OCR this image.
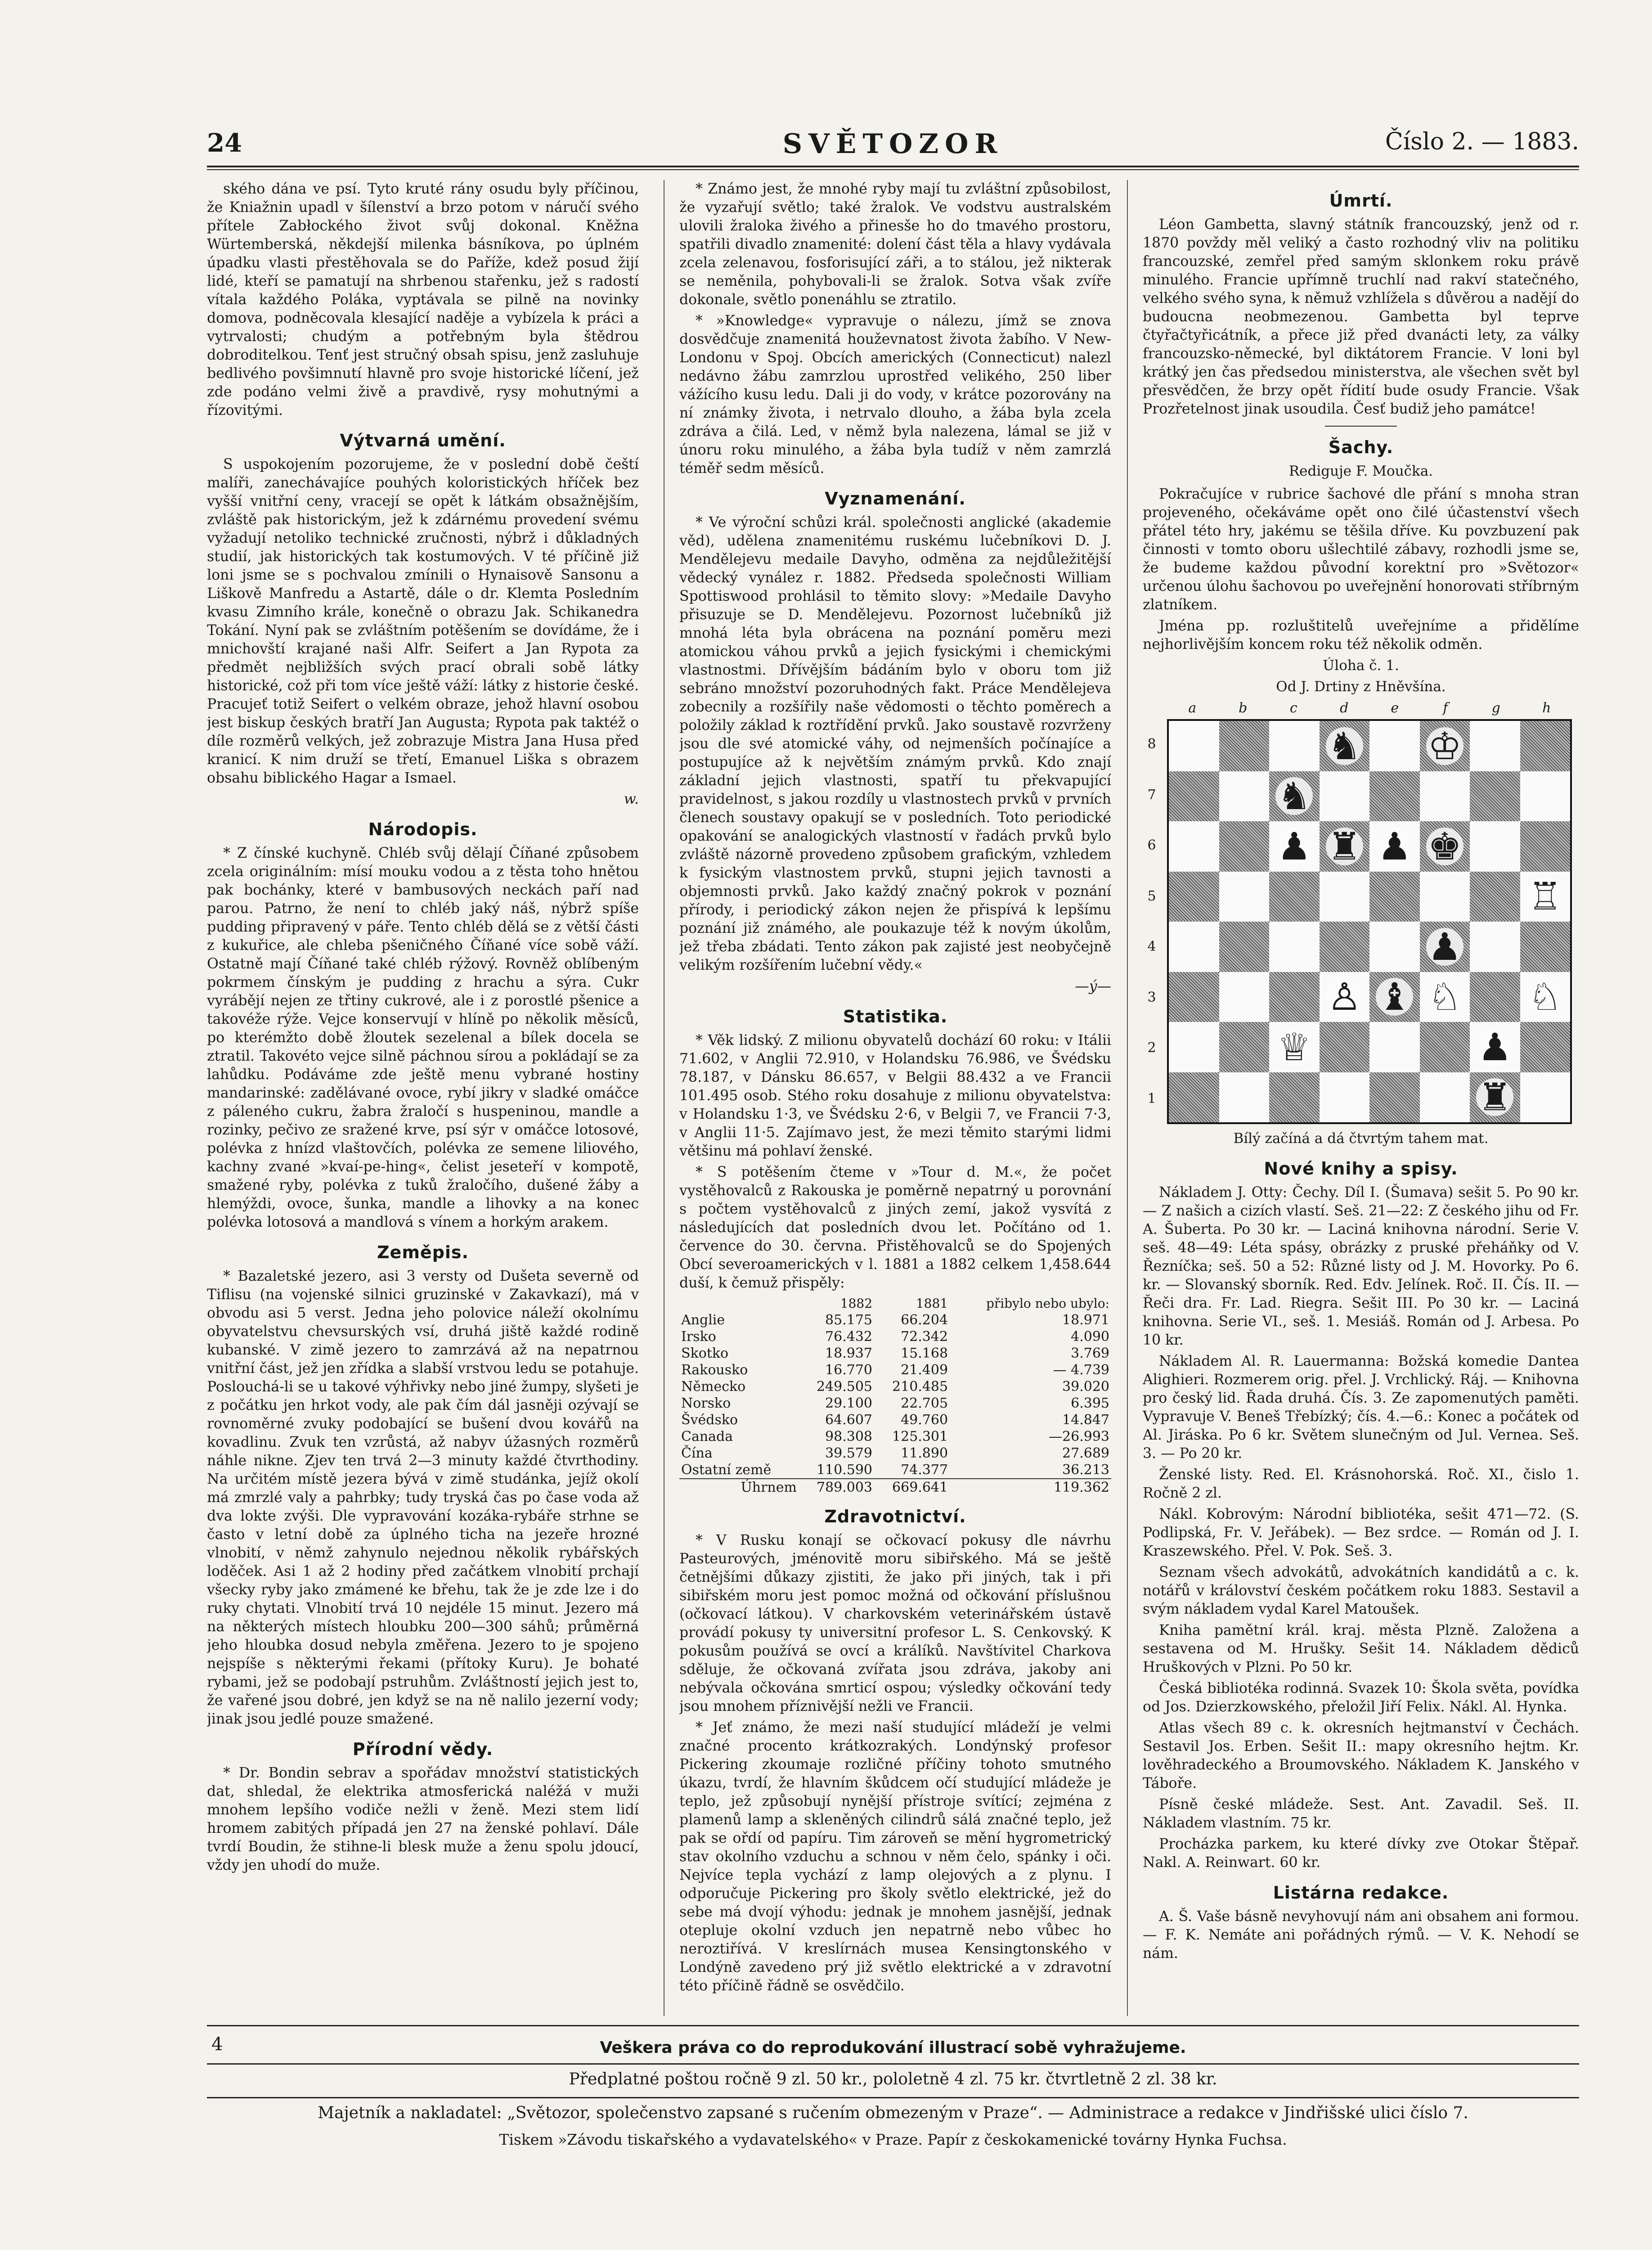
SVĚTOZOR
24	Číslo 2. — 1883.

ského dána ve psí. Tyto kruté rány osudu byly příčinou, že Kniažnin upadl v šílenství a brzo potom v náručí svého přítele Zabłockého život svůj dokonal. Kněžna Würtemberská, někdejší milenka básníkova, po úplném úpadku vlasti přestěhovala se do Paříže, kdež posud žijí lidé, kteří se pamatují na shrbenou stařenku, jež s radostí vítala každého Poláka, vyptávala se pilně na novinky domova, podněcovala klesající naděje a vybízela k práci a vytrvalosti; chudým a potřebným byla štědrou dobroditelkou. Tenť jest stručný obsah spisu, jenž zasluhuje bedlivého povšimnutí hlavně pro svoje historické líčení, jež zde podáno velmi živě a pravdivě, rysy mohutnými a řízovitými.

Výtvarná umění.

S uspokojením pozorujeme, že v poslední době čeští malíři, zanechávajíce pouhých koloristických hříček bez vyšší vnitřní ceny, vracejí se opět k látkám obsažnějším, zvláště pak historickým, jež k zdárnému provedení svému vyžadují netoliko technické zručnosti, nýbrž i důkladných studií, jak historických tak kostumových. V té příčině již loni jsme se s pochvalou zmínili o Hynaisově Sansonu a Liškově Manfredu a Astartě, dále o dr. Klemta Posledním kvasu Zimního krále, konečně o obrazu Jak. Schikanedra Tokání. Nyní pak se zvláštním potěšením se dovídáme, že i mnichovští krajané naši Alfr. Seifert a Jan Rypota za předmět nejbližších svých prací obrali sobě látky historické, což při tom více ještě váží: látky z historie české. Pracujeť totiž Seifert o velkém obraze, jehož hlavní osobou jest biskup českých bratří Jan Augusta; Rypota pak taktéž o díle rozměrů velkých, jež zobrazuje Mistra Jana Husa před kranicí. K nim druží se třetí, Emanuel Liška s obrazem obsahu biblického Hagar a Ismael.

w.
Národopis.

* Z čínské kuchyně. Chléb svůj dělají Číňané způsobem zcela originálním: mísí mouku vodou a z těsta toho hnětou pak bochánky, které v bambusových neckách paří nad parou. Patrno, že není to chléb jaký náš, nýbrž spíše pudding připravený v páře. Tento chléb dělá se z větší části z kukuřice, ale chleba pšeničného Číňané více sobě váží. Ostatně mají Číňané také chléb rýžový. Rovněž oblíbeným pokrmem čínským je pudding z hrachu a sýra. Cukr vyrábějí nejen ze třtiny cukrové, ale i z porostlé pšenice a takovéže rýže. Vejce konservují v hlíně po několik měsíců, po kterémžto době žloutek sezelenal a bílek docela se ztratil. Takovéto vejce silně páchnou sírou a pokládají se za lahůdku. Podáváme zde ještě menu vybrané hostiny mandarinské: zadělávané ovoce, rybí jikry v sladké omáčce z páleného cukru, žabra žraločí s huspeninou, mandle a rozinky, pečivo ze sražené krve, psí sýr v omáčce lotosové, polévka z hnízd vlaštovčích, polévka ze semene liliového, kachny zvané »kvaí-pe-hing«, čelist jeseteří v kompotě, smažené ryby, polévka z tuků žraločího, dušené žáby a hlemýždi, ovoce, šunka, mandle a lihovky a na konec polévka lotosová a mandlová s vínem a horkým arakem.

Zeměpis.

* Bazaletské jezero, asi 3 versty od Dušeta severně od Tiflisu (na vojenské silnici gruzinské v Zakavkazí), má v obvodu asi 5 verst. Jedna jeho polovice náleží okolnímu obyvatelstvu chevsurských vsí, druhá jiště každé rodině kubanské. V zimě jezero to zamrzává až na nepatrnou vnitřní část, jež jen zřídka a slabší vrstvou ledu se potahuje. Poslouchá-li se u takové výhřivky nebo jiné žumpy, slyšeti je z počátku jen hrkot vody, ale pak čím dál jasněji ozývají se rovnoměrné zvuky podobající se bušení dvou kovářů na kovadlinu. Zvuk ten vzrůstá, až nabyv úžasných rozměrů náhle nikne. Zjev ten trvá 2—3 minuty každé čtvrthodiny. Na určitém místě jezera bývá v zimě studánka, jejíž okolí má zmrzlé valy a pahrbky; tudy tryská čas po čase voda až dva lokte zvýši. Dle vypravování kozáka-rybáře strhne se často v letní době za úplného ticha na jezeře hrozné vlnobití, v němž zahynulo nejednou několik rybářských loděček. Asi 1 až 2 hodiny před začátkem vlnobití prchají všecky ryby jako zmámené ke břehu, tak že je zde lze i do ruky chytati. Vlnobití trvá 10 nejdéle 15 minut. Jezero má na některých místech hloubku 200—300 sáhů; průměrná jeho hloubka dosud nebyla změřena. Jezero to je spojeno nejspíše s některými řekami (přítoky Kuru). Je bohaté rybami, jež se podobají pstruhům. Zvláštností jejich jest to, že vařené jsou dobré, jen když se na ně nalilo jezerní vody; jinak jsou jedlé pouze smažené.

Přírodní vědy.

* Dr. Bondin sebrav a spořádav množství statistických dat, shledal, že elektrika atmosferická naléžá v muži mnohem lepšího vodiče nežli v ženě. Mezi stem lidí hromem zabitých případá jen 27 na ženské pohlaví. Dále tvrdí Boudin, že stihne-li blesk muže a ženu spolu jdoucí, vždy jen uhodí do muže.

* Známo jest, že mnohé ryby mají tu zvláštní způsobilost, že vyzařují světlo; také žralok. Ve vodstvu australském ulovili žraloka živého a přinesše ho do tmavého prostoru, spatřili divadlo znamenité: dolení část těla a hlavy vydávala zcela zelenavou, fosforisující záři, a to stálou, jež nikterak se neměnila, pohybovali-li se žralok. Sotva však zvíře dokonale, světlo ponenáhlu se ztratilo.

* »Knowledge« vypravuje o nálezu, jímž se znova dosvědčuje znamenitá houževnatost života žabího. V New-Londonu v Spoj. Obcích amerických (Connecticut) nalezl nedávno žábu zamrzlou uprostřed velikého, 250 liber vážícího kusu ledu. Dali ji do vody, v krátce pozorovány na ní známky života, i netrvalo dlouho, a žába byla zcela zdráva a čilá. Led, v němž byla nalezena, lámal se již v únoru roku minulého, a žába byla tudíž v něm zamrzlá téměř sedm měsíců.

Vyznamenání.

* Ve výroční schůzi král. společnosti anglické (akademie věd), udělena znamenitému ruskému lučebníkovi D. J. Mendělejevu medaile Davyho, odměna za nejdůležitější vědecký vynález r. 1882. Předseda společnosti William Spottiswood prohlásil to těmito slovy: »Medaile Davyho přisuzuje se D. Mendělejevu. Pozornost lučebníků již mnohá léta byla obrácena na poznání poměru mezi atomickou váhou prvků a jejich fysickými i chemickými vlastnostmi. Dřívějším bádáním bylo v oboru tom již sebráno množství pozoruhodných fakt. Práce Mendělejeva zobecnily a rozšířily naše vědomosti o těchto poměrech a položily základ k roztřídění prvků. Jako soustavě rozvrženy jsou dle své atomické váhy, od nejmenších počínajíce a postupujíce až k největším známým prvků. Kdo znají základní jejich vlastnosti, spatří tu překvapující pravidelnost, s jakou rozdíly u vlastnostech prvků v prvních členech soustavy opakují se v posledních. Toto periodické opakování se analogických vlastností v řadách prvků bylo zvláště názorně provedeno způsobem grafickým, vzhledem k fysickým vlastnostem prvků, stupni jejich tavnosti a objemnosti prvků. Jako každý značný pokrok v poznání přírody, i periodický zákon nejen že přispívá k lepšímu poznání již známého, ale poukazuje též k novým úkolům, jež třeba zbádati. Tento zákon pak zajisté jest neobyčejně velikým rozšířením lučební vědy.«

—ý—
Statistika.

* Věk lidský. Z milionu obyvatelů dochází 60 roku: v Itálii 71.602, v Anglii 72.910, v Holandsku 76.986, ve Švédsku 78.187, v Dánsku 86.657, v Belgii 88.432 a ve Francii 101.495 osob. Stého roku dosahuje z milionu obyvatelstva: v Holandsku 1·3, ve Švédsku 2·6, v Belgii 7, ve Francii 7·3, v Anglii 11·5. Zajímavo jest, že mezi těmito starými lidmi většinu má pohlaví ženské.

* S potěšením čteme v »Tour d. M.«, že počet vystěhovalců z Rakouska je poměrně nepatrný u porovnání s počtem vystěhovalců z jiných zemí, jakož vysvítá z následujících dat posledních dvou let. Počítáno od 1. července do 30. června. Přistěhovalců se do Spojených Obcí severoamerických v l. 1881 a 1882 celkem 1,458.644 duší, k čemuž přispěly:

	1882	1881	přibylo nebo ubylo:
Anglie	85.175	66.204	18.971
Irsko	76.432	72.342	4.090
Skotko	18.937	15.168	3.769
Rakousko	16.770	21.409	— 4.739
Německo	249.505	210.485	39.020
Norsko	29.100	22.705	6.395
Švédsko	64.607	49.760	14.847
Canada	98.308	125.301	—26.993
Čína	39.579	11.890	27.689
Ostatní země	110.590	74.377	36.213
Úhrnem	789.003	669.641	119.362
Zdravotnictví.

* V Rusku konají se očkovací pokusy dle návrhu Pasteurových, jménovitě moru sibiřského. Má se ještě četnějšími důkazy zjistiti, že jako při jiných, tak i při sibiřském moru jest pomoc možná od očkování příslušnou (očkovací látkou). V charkovském veterinářském ústavě provádí pokusy ty universitní profesor L. S. Cenkovský. K pokusům používá se ovcí a králíků. Navštívitel Charkova sděluje, že očkovaná zvířata jsou zdráva, jakoby ani nebývala očkována smrticí ospou; výsledky očkování tedy jsou mnohem příznivější nežli ve Francii.

* Jeť známo, že mezi naší studující mládeží je velmi značné procento krátkozrakých. Londýnský profesor Pickering zkoumaje rozličné příčiny tohoto smutného úkazu, tvrdí, že hlavním škůdcem očí studující mládeže je teplo, jež způsobují nynější přístroje svítící; zejména z plamenů lamp a skleněných cilindrů sálá značné teplo, jež pak se ořdí od papíru. Tim zároveň se mění hygrometrický stav okolního vzduchu a schnou v něm čelo, spánky i oči. Nejvíce tepla vychází z lamp olejových a z plynu. I odporučuje Pickering pro školy světlo elektrické, jež do sebe má dvojí výhodu: jednak je mnohem jasnější, jednak otepluje okolní vzduch jen nepatrně nebo vůbec ho neroztiřívá. V kreslírnách musea Kensingtonského v Londýně zavedeno prý již světlo elektrické a v zdravotní této příčině řádně se osvědčilo.

Úmrtí.

Léon Gambetta, slavný státník francouzský, jenž od r. 1870 povždy měl veliký a často rozhodný vliv na politiku francouzské, zemřel před samým sklonkem roku právě minulého. Francie upřímně truchlí nad rakví statečného, velkého svého syna, k němuž vzhlížela s důvěrou a nadějí do budoucna neobmezenou. Gambetta byl teprve čtyřačtyřicátník, a přece již před dvanácti lety, za války francouzsko-německé, byl diktátorem Francie. V loni byl krátký jen čas předsedou ministerstva, ale všechen svět byl přesvědčen, že brzy opět řídití bude osudy Francie. Však Prozřetelnost jinak usoudila. Česť budiž jeho památce!

Šachy.
Rediguje F. Moučka.

Pokračujíce v rubrice šachové dle přání s mnoha stran projeveného, očekáváme opět ono čilé účastenství všech přátel této hry, jakému se těšila dříve. Ku povzbuzení pak činnosti v tomto oboru ušlechtilé zábavy, rozhodli jsme se, že budeme každou původní korektní pro »Světozor« určenou úlohu šachovou po uveřejnění honorovati stříbrným zlatníkem.

Jména pp. rozluštitelů uveřejníme a přidělíme nejhorlivějším koncem roku též několik odměn.

Úloha č. 1.
Od J. Drtiny z Hněvšína.
a	b	c	d	e	f	g	h
8
7
6
5
4
3
2
1
♞ ♔
♞
♟ ♜ ♟ ♚
♖
♟
♙ ♝ ♘ ♘
♕	♟
♜
Bílý začíná a dá čtvrtým tahem mat.
Nové knihy a spisy.

Nákladem J. Otty: Čechy. Díl I. (Šumava) sešit 5. Po 90 kr. — Z našich a cizích vlastí. Seš. 21—22: Z českého jihu od Fr. A. Šuberta. Po 30 kr. — Laciná knihovna národní. Serie V. seš. 48—49: Léta spásy, obrázky z pruské přeháňky od V. Řezníčka; seš. 50 a 52: Různé listy od J. M. Hovorky. Po 6. kr. — Slovanský sborník. Red. Edv. Jelínek. Roč. II. Čís. II. — Řeči dra. Fr. Lad. Riegra. Sešit III. Po 30 kr. — Laciná knihovna. Serie VI., seš. 1. Mesiáš. Román od J. Arbesa. Po 10 kr.

Nákladem Al. R. Lauermanna: Božská komedie Dantea Alighieri. Rozmerem orig. přel. J. Vrchlický. Ráj. — Knihovna pro český lid. Řada druhá. Čís. 3. Ze zapomenutých paměti. Vypravuje V. Beneš Třebízký; čís. 4.—6.: Konec a počátek od Al. Jiráska. Po 6 kr. Světem slunečným od Jul. Vernea. Seš. 3. — Po 20 kr.

Ženské listy. Red. El. Krásnohorská. Roč. XI., čislo 1. Ročně 2 zl.

Nákl. Kobrovým: Národní bibliotéka, sešit 471—72. (S. Podlipská, Fr. V. Jeřábek). — Bez srdce. — Román od J. I. Kraszewského. Přel. V. Pok. Seš. 3.

Seznam všech advokátů, advokátních kandidátů a c. k. notářů v království českém počátkem roku 1883. Sestavil a svým nákladem vydal Karel Matoušek.

Kniha pamětní král. kraj. města Plzně. Založena a sestavena od M. Hrušky. Sešit 14. Nákladem dědiců Hruškových v Plzni. Po 50 kr.

Česká bibliotéka rodinná. Svazek 10: Škola světa, povídka od Jos. Dzierzkowského, přeložil Jiří Felix. Nákl. Al. Hynka.

Atlas všech 89 c. k. okresních hejtmanství v Čechách. Sestavil Jos. Erben. Sešit II.: mapy okresního hejtm. Kr. lověhradeckého a Broumovského. Nákladem K. Janského v Táboře.

Písně české mládeže. Sest. Ant. Zavadil. Seš. II. Nákladem vlastním. 75 kr.

Procházka parkem, ku které dívky zve Otokar Štěpař. Nakl. A. Reinwart. 60 kr.

Listárna redakce.

A. Š. Vaše básně nevyhovují nám ani obsahem ani formou. — F. K. Nemáte ani pořádných rýmů. — V. K. Nehodí se nám.

4	Veškera práva co do reprodukování illustrací sobě vyhražujeme.
Předplatné poštou ročně 9 zl. 50 kr., pololetně 4 zl. 75 kr. čtvrtletně 2 zl. 38 kr.
Majetník a nakladatel: „Světozor, společenstvo zapsané s ručením obmezeným v Praze“. — Administrace a redakce v Jindřišské ulici číslo 7.
Tiskem »Závodu tiskařského a vydavatelského« v Praze. Papír z českokamenické továrny Hynka Fuchsa.
